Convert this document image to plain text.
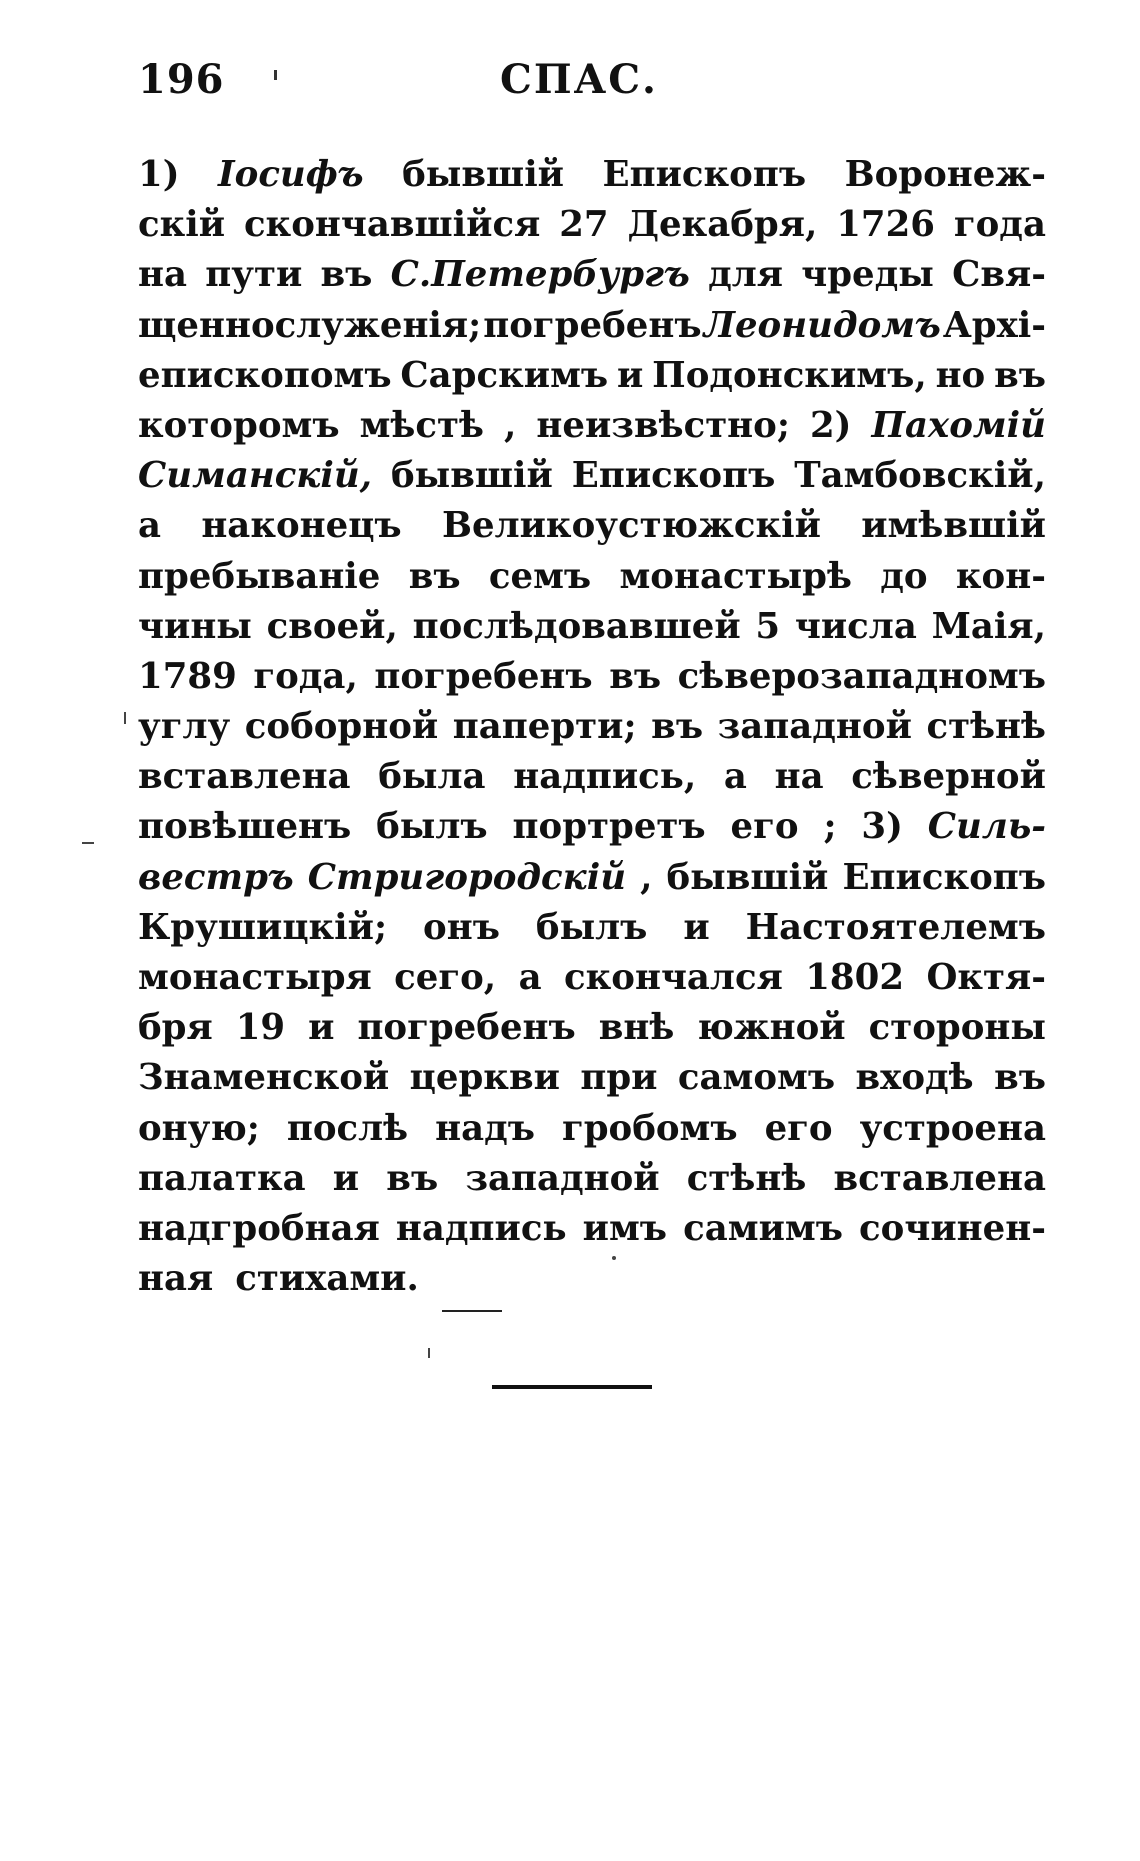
196	СПАС.
1) Іосифъ бывшій Епископъ Воронеж-
скій скончавшійся 27 Декабря, 1726 года
на пути въ С.Петербургъ для чреды Свя-
щеннослуженія; погребенъ Леонидомъ Архі-
епископомъ Сарскимъ и Подонскимъ, но въ
которомъ мѣстѣ , неизвѣстно; 2) Пахомій
Симанскій, бывшій Епископъ Тамбовскій,
а наконецъ Великоустюжскій имѣвшій
пребываніе въ семъ монастырѣ до кон-
чины своей, послѣдовавшей 5 числа Маія,
1789 года, погребенъ въ сѣверозападномъ
углу соборной паперти; въ западной стѣнѣ
вставлена была надпись, а на сѣверной
повѣшенъ былъ портретъ его ; 3) Силь-
вестръ Стригородскій , бывшій Епископъ
Крушицкій; онъ былъ и Настоятелемъ
монастыря сего, а скончался 1802 Октя-
бря 19 и погребенъ внѣ южной стороны
Знаменской церкви при самомъ входѣ въ
оную; послѣ надъ гробомъ его устроена
палатка и въ западной стѣнѣ вставлена
надгробная надпись имъ самимъ сочинен-
ная стихами.
